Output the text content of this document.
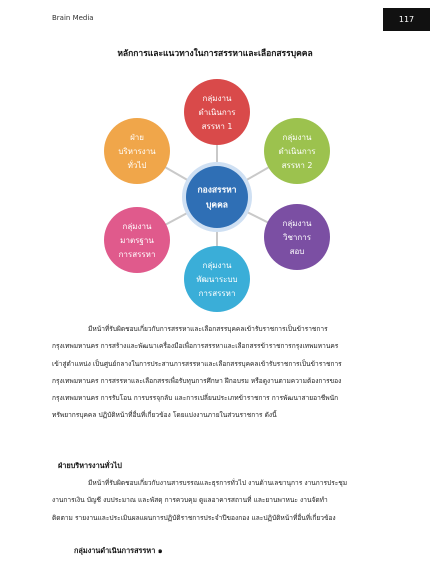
Brain Media	117
หลักการและแนวทางในการสรรหาและเลือกสรรบุคคล
กลุ่มงาน
ดำเนินการ
สรรหา 1
กลุ่มงาน
ดำเนินการ
สรรหา 2
กลุ่มงาน
วิชาการ
สอบ
กลุ่มงาน
พัฒนาระบบ
การสรรหา
กลุ่มงาน
มาตรฐาน
การสรรหา
ฝ่าย
บริหารงาน
ทั่วไป
กองสรรหา
บุคคล
มีหน้าที่รับผิดชอบเกี่ยวกับการสรรหาและเลือกสรรบุคคลเข้ารับราชการเป็นข้าราชการ
กรุงเทพมหานคร การสร้างและพัฒนาเครื่องมือเพื่อการสรรหาและเลือกสรรข้าราชการกรุงเทพมหานคร
เข้าสู่ตำแหน่ง เป็นศูนย์กลางในการประสานการสรรหาและเลือกสรรบุคคลเข้ารับราชการเป็นข้าราชการ
กรุงเทพมหานคร การสรรหาและเลือกสรรเพื่อรับทุนการศึกษา ฝึกอบรม หรือดูงานตามความต้องการของ
กรุงเทพมหานคร การรับโอน การบรรจุกลับ และการเปลี่ยนประเภทข้าราชการ การพัฒนาสายอาชีพนัก
ทรัพยากรบุคคล ปฏิบัติหน้าที่อื่นที่เกี่ยวข้อง โดยแบ่งงานภายในส่วนราชการ ดังนี้
ฝ่ายบริหารงานทั่วไป
มีหน้าที่รับผิดชอบเกี่ยวกับงานสารบรรณและธุรการทั่วไป งานด้านเลขานุการ งานการประชุม
งานการเงิน บัญชี งบประมาณ และพัสดุ การควบคุม ดูแลอาคารสถานที่ และยานพาหนะ งานจัดทำ
ติดตาม รายงานและประเมินผลแผนการปฏิบัติราชการประจำปีของกอง และปฏิบัติหน้าที่อื่นที่เกี่ยวข้อง
กลุ่มงานดำเนินการสรรหา ๑
